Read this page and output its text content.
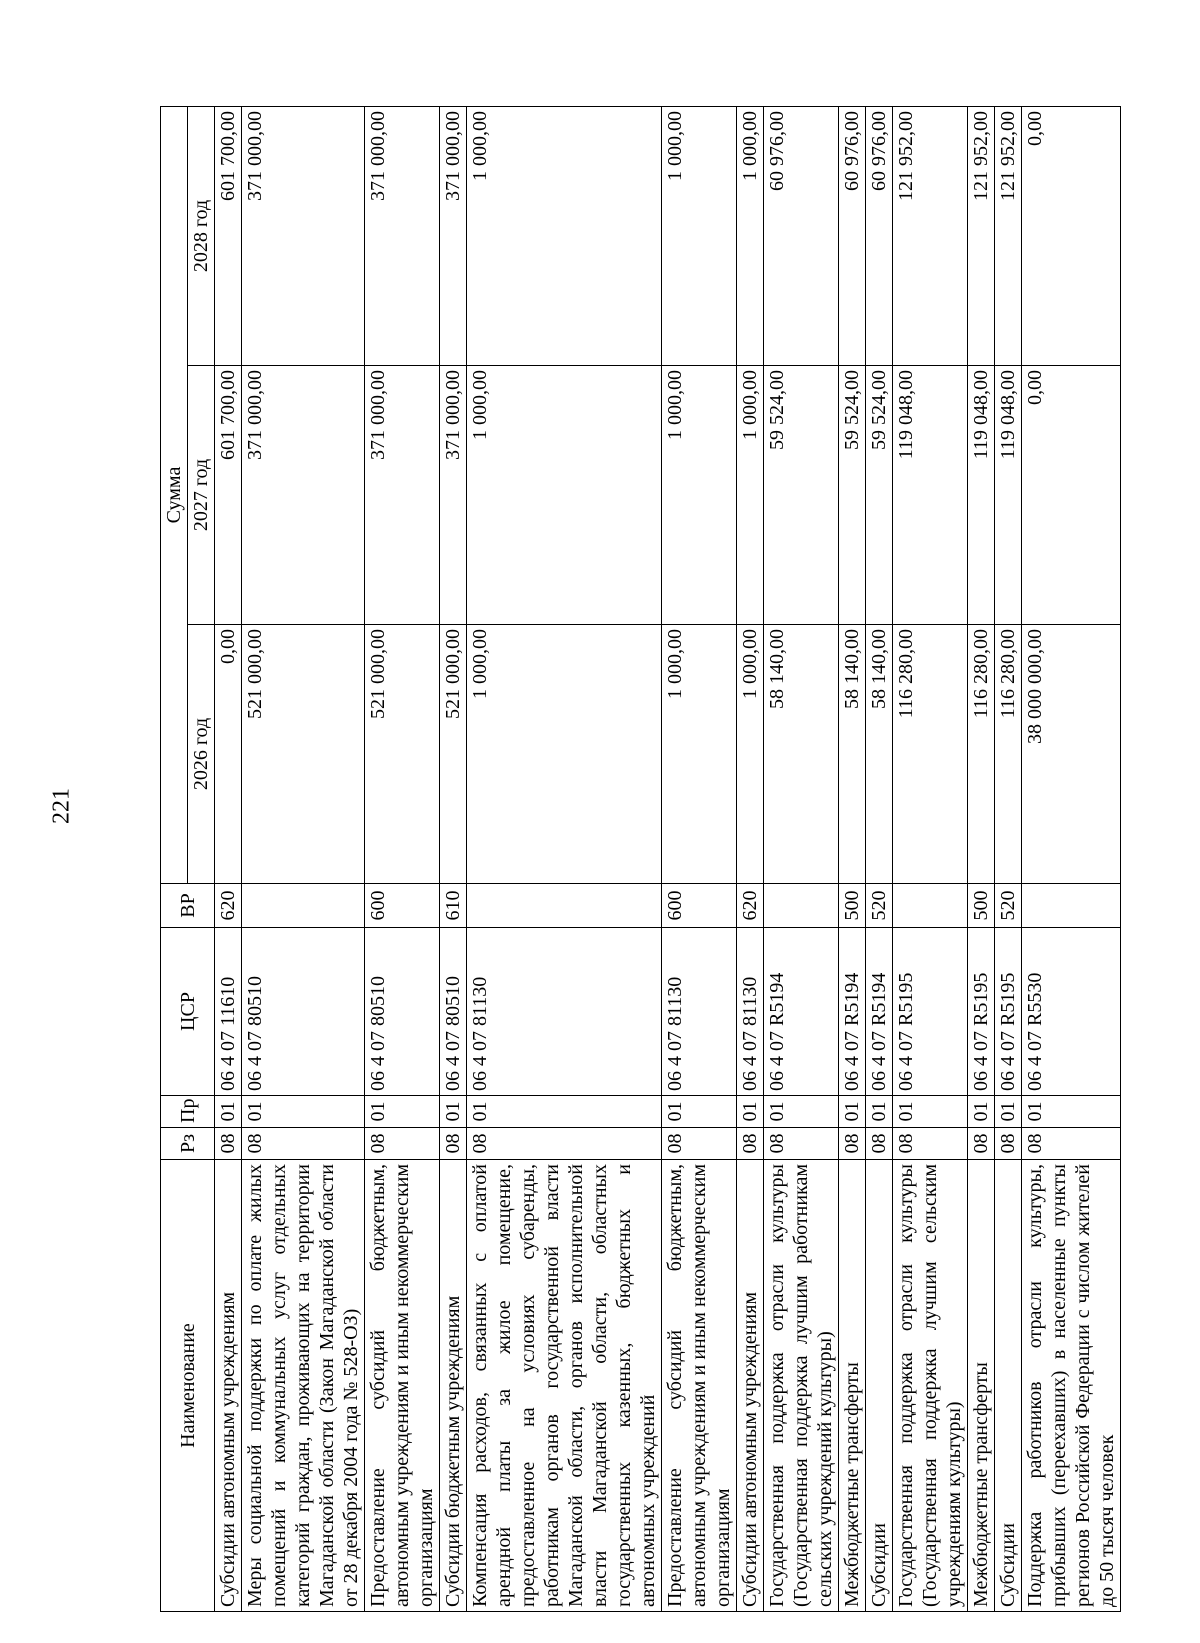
221
Наименование	Рз	Пр	ЦСР	ВР	Сумма		
					2026 год	2027 год	2028 год
Субсидии автономным учреждениям	08	01	06 4 07 11610	620	0,00	601 700,00	601 700,00
Меры социальной поддержки по оплате жилых помещений и коммунальных услуг отдельных категорий граждан, проживающих на территории Магаданской области (Закон Магаданской области от 28 декабря 2004 года № 528-ОЗ)	08	01	06 4 07 80510		521 000,00	371 000,00	371 000,00
Предоставление субсидий бюджетным, автономным учреждениям и иным некоммерческим организациям	08	01	06 4 07 80510	600	521 000,00	371 000,00	371 000,00
Субсидии бюджетным учреждениям	08	01	06 4 07 80510	610	521 000,00	371 000,00	371 000,00
Компенсация расходов, связанных с оплатой арендной платы за жилое помещение, предоставленное на условиях субаренды, работникам органов государственной власти Магаданской области, органов исполнительной власти Магаданской области, областных государственных казенных, бюджетных и автономных учреждений	08	01	06 4 07 81130		1 000,00	1 000,00	1 000,00
Предоставление субсидий бюджетным, автономным учреждениям и иным некоммерческим организациям	08	01	06 4 07 81130	600	1 000,00	1 000,00	1 000,00
Субсидии автономным учреждениям	08	01	06 4 07 81130	620	1 000,00	1 000,00	1 000,00
Государственная поддержка отрасли культуры (Государственная поддержка лучшим работникам сельских учреждений культуры)	08	01	06 4 07 R5194		58 140,00	59 524,00	60 976,00
Межбюджетные трансферты	08	01	06 4 07 R5194	500	58 140,00	59 524,00	60 976,00
Субсидии	08	01	06 4 07 R5194	520	58 140,00	59 524,00	60 976,00
Государственная поддержка отрасли культуры (Государственная поддержка лучшим сельским учреждениям культуры)	08	01	06 4 07 R5195		116 280,00	119 048,00	121 952,00
Межбюджетные трансферты	08	01	06 4 07 R5195	500	116 280,00	119 048,00	121 952,00
Субсидии	08	01	06 4 07 R5195	520	116 280,00	119 048,00	121 952,00
Поддержка работников отрасли культуры, прибывших (переехавших) в населенные пункты регионов Российской Федерации с числом жителей до 50 тысяч человек	08	01	06 4 07 R5530		38 000 000,00	0,00	0,00
